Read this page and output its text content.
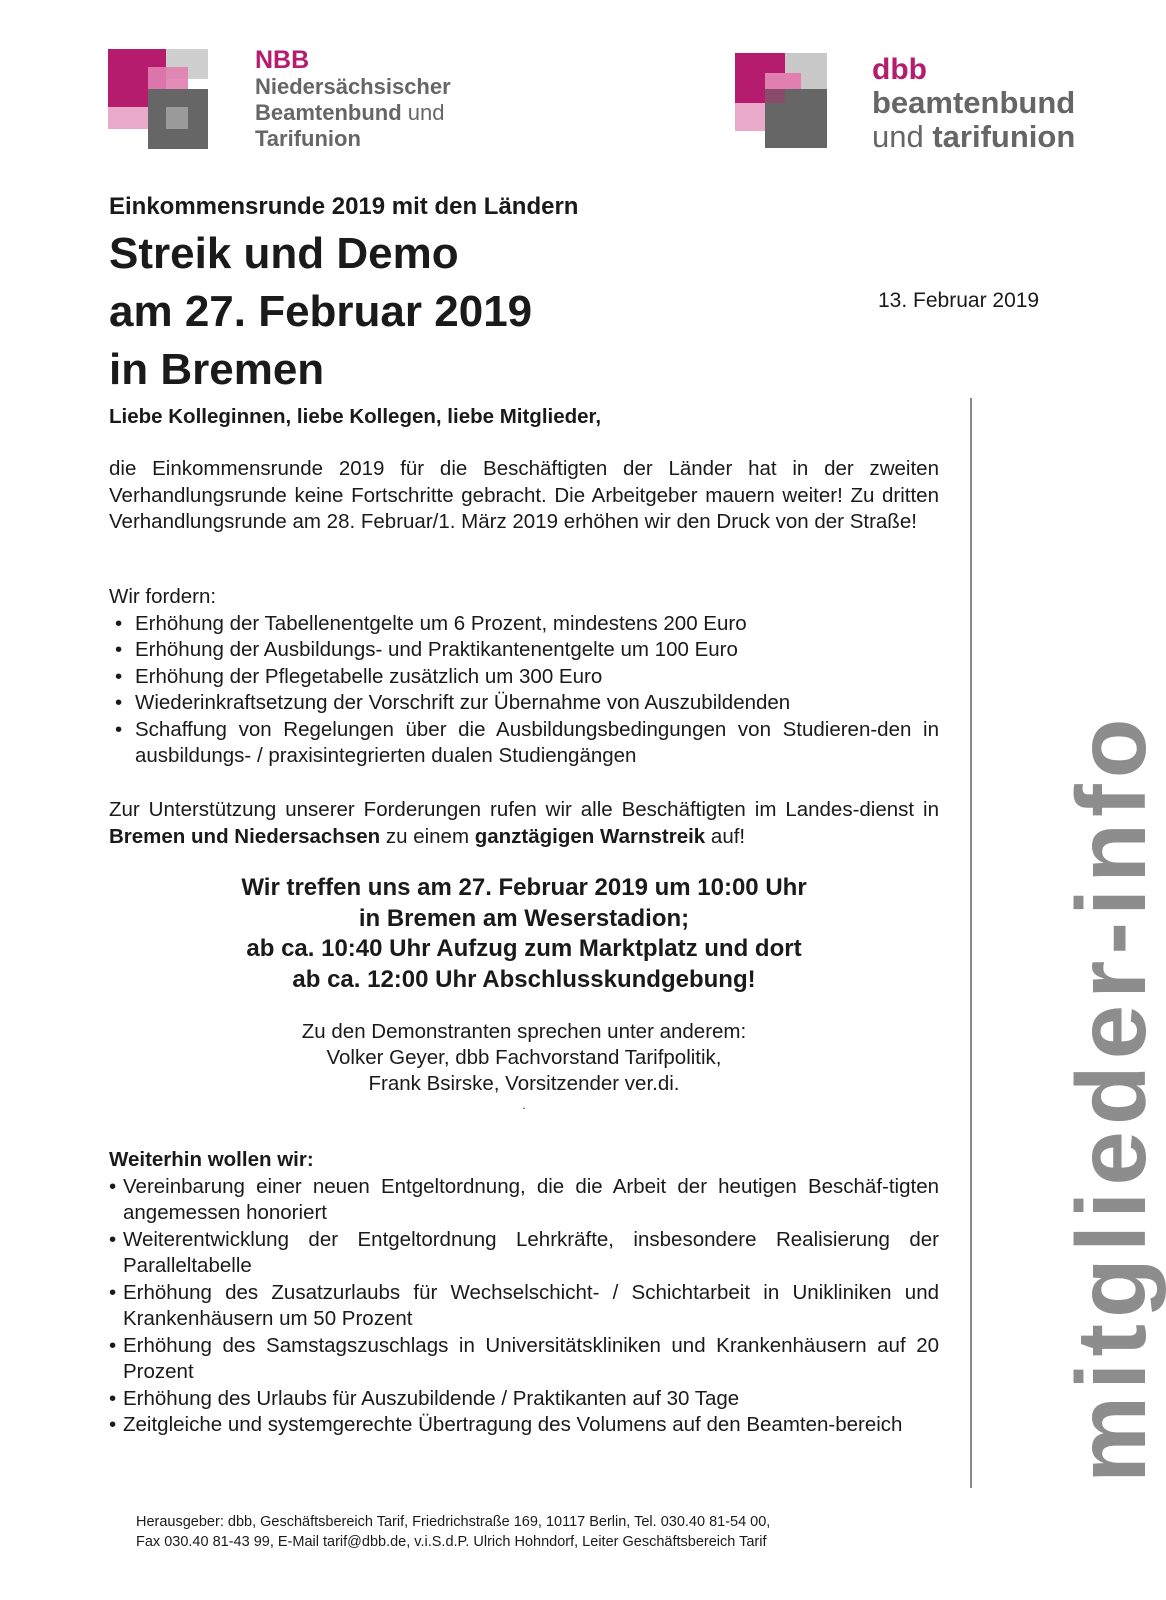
NBB
Niedersächsischer
Beamtenbund und
Tarifunion
dbb
beamtenbund
und tarifunion
Einkommensrunde 2019 mit den Ländern
Streik und Demo
am 27. Februar 2019
in Bremen
13. Februar 2019
Liebe Kolleginnen, liebe Kollegen, liebe Mitglieder,
die Einkommensrunde 2019 für die Beschäftigten der Länder hat in der zweiten Verhandlungsrunde keine Fortschritte gebracht. Die Arbeitgeber mauern weiter! Zu dritten Verhandlungsrunde am 28. Februar/1. März 2019 erhöhen wir den Druck von der Straße!
Wir fordern:
• Erhöhung der Tabellenentgelte um 6 Prozent, mindestens 200 Euro
• Erhöhung der Ausbildungs- und Praktikantenentgelte um 100 Euro
• Erhöhung der Pflegetabelle zusätzlich um 300 Euro
• Wiederinkraftsetzung der Vorschrift zur Übernahme von Auszubildenden
• Schaffung von Regelungen über die Ausbildungsbedingungen von Studieren-den in ausbildungs- / praxisintegrierten dualen Studiengängen
Zur Unterstützung unserer Forderungen rufen wir alle Beschäftigten im Landes-dienst in Bremen und Niedersachsen zu einem ganztägigen Warnstreik auf!
Wir treffen uns am 27. Februar 2019 um 10:00 Uhr
in Bremen am Weserstadion;
ab ca. 10:40 Uhr Aufzug zum Marktplatz und dort
ab ca. 12:00 Uhr Abschlusskundgebung!
Zu den Demonstranten sprechen unter anderem:
Volker Geyer, dbb Fachvorstand Tarifpolitik,
Frank Bsirske, Vorsitzender ver.di.
.
Weiterhin wollen wir:
• Vereinbarung einer neuen Entgeltordnung, die die Arbeit der heutigen Beschäf-tigten angemessen honoriert
• Weiterentwicklung der Entgeltordnung Lehrkräfte, insbesondere Realisierung der Paralleltabelle
• Erhöhung des Zusatzurlaubs für Wechselschicht- / Schichtarbeit in Unikliniken und Krankenhäusern um 50 Prozent
• Erhöhung des Samstagszuschlags in Universitätskliniken und Krankenhäusern auf 20 Prozent
• Erhöhung des Urlaubs für Auszubildende / Praktikanten auf 30 Tage
• Zeitgleiche und systemgerechte Übertragung des Volumens auf den Beamten-bereich
Herausgeber: dbb, Geschäftsbereich Tarif, Friedrichstraße 169, 10117 Berlin, Tel. 030.40 81-54 00,
Fax 030.40 81-43 99, E-Mail tarif@dbb.de, v.i.S.d.P. Ulrich Hohndorf, Leiter Geschäftsbereich Tarif
mitglieder-info
